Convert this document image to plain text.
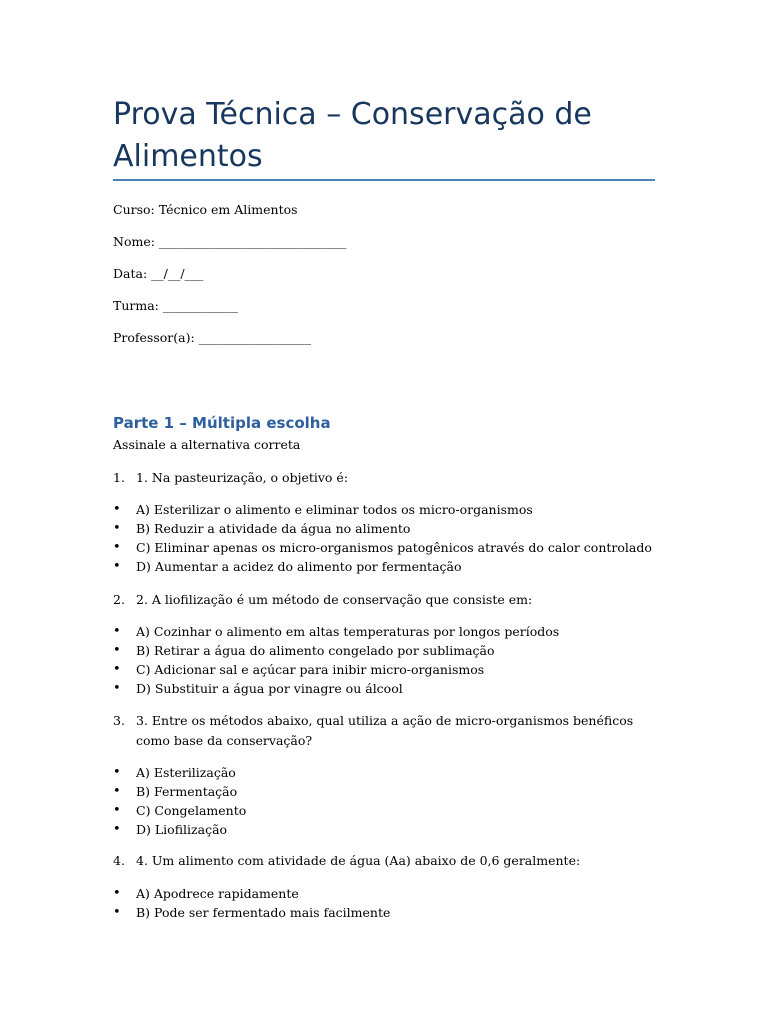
Prova Técnica – Conservação de Alimentos
Curso: Técnico em Alimentos
Nome: ______________________________
Data: __/__/___
Turma: ____________
Professor(a): __________________
Parte 1 – Múltipla escolha
Assinale a alternativa correta
1. 1. Na pasteurização, o objetivo é:
• A) Esterilizar o alimento e eliminar todos os micro-organismos
• B) Reduzir a atividade da água no alimento
• C) Eliminar apenas os micro-organismos patogênicos através do calor controlado
• D) Aumentar a acidez do alimento por fermentação
2. 2. A liofilização é um método de conservação que consiste em:
• A) Cozinhar o alimento em altas temperaturas por longos períodos
• B) Retirar a água do alimento congelado por sublimação
• C) Adicionar sal e açúcar para inibir micro-organismos
• D) Substituir a água por vinagre ou álcool
3. 3. Entre os métodos abaixo, qual utiliza a ação de micro-organismos benéficos como base da conservação?
• A) Esterilização
• B) Fermentação
• C) Congelamento
• D) Liofilização
4. 4. Um alimento com atividade de água (Aa) abaixo de 0,6 geralmente:
• A) Apodrece rapidamente
• B) Pode ser fermentado mais facilmente
